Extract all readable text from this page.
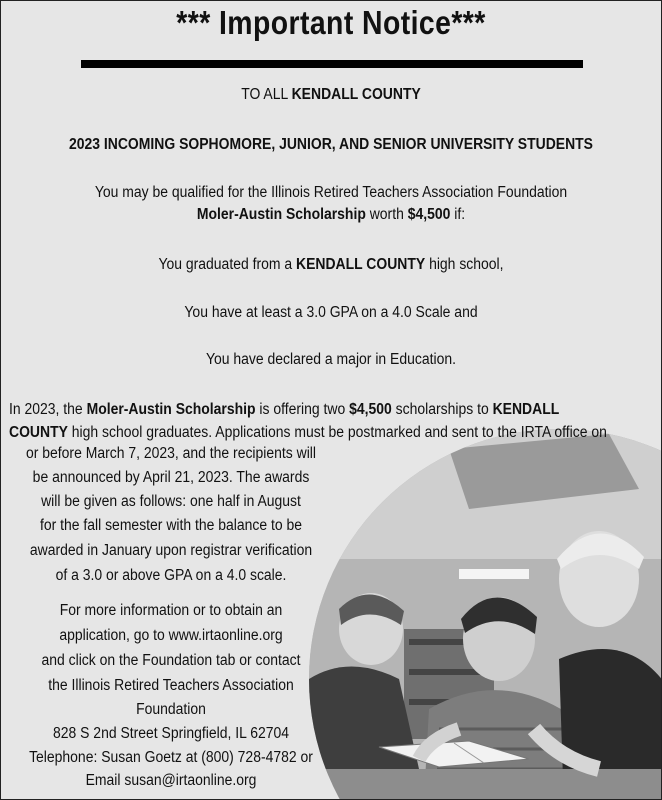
*** Important Notice***
TO ALL KENDALL COUNTY
2023 INCOMING SOPHOMORE, JUNIOR, AND SENIOR UNIVERSITY STUDENTS
You may be qualified for the Illinois Retired Teachers Association Foundation
Moler-Austin Scholarship worth $4,500 if:
You graduated from a KENDALL COUNTY high school,
You have at least a 3.0 GPA on a 4.0 Scale and
You have declared a major in Education.
In 2023, the Moler-Austin Scholarship is offering two $4,500 scholarships to KENDALL
COUNTY high school graduates. Applications must be postmarked and sent to the IRTA office on
or before March 7, 2023, and the recipients will
be announced by April 21, 2023. The awards
will be given as follows: one half in August
for the fall semester with the balance to be
awarded in January upon registrar verification
of a 3.0 or above GPA on a 4.0 scale.
For more information or to obtain an
application, go to www.irtaonline.org
and click on the Foundation tab or contact
the Illinois Retired Teachers Association
Foundation
828 S 2nd Street Springfield, IL 62704
Telephone: Susan Goetz at (800) 728-4782 or
Email susan@irtaonline.org
